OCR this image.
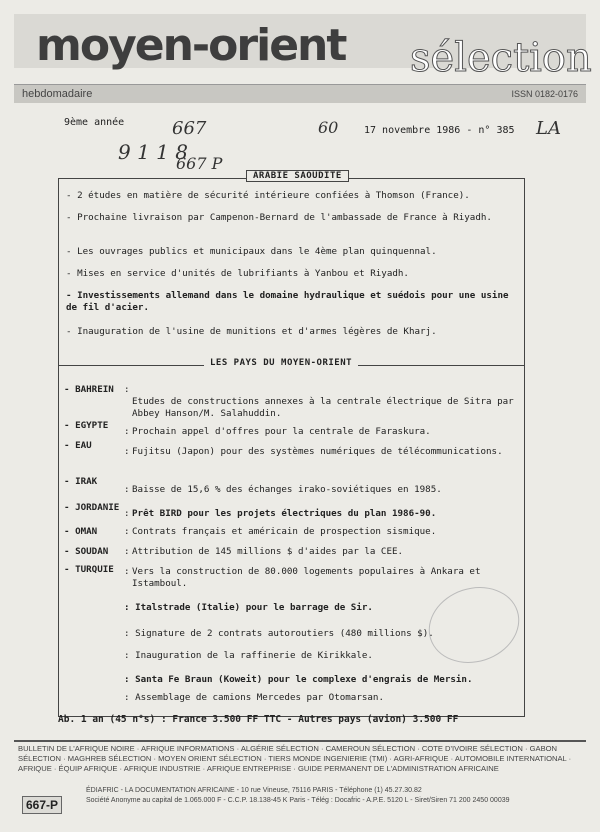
moyen-orient sélection
hebdomadaire	ISSN 0182-0176
9ème année
17 novembre 1986 - n° 385
667	60
9 1 1 8
667 P
LA
ARABIE SAOUDITE
- 2 études en matière de sécurité intérieure confiées à Thomson (France).
- Prochaine livraison par Campenon-Bernard de l'ambassade de France à Riyadh.
- Les ouvrages publics et municipaux dans le 4ème plan quinquennal.
- Mises en service d'unités de lubrifiants à Yanbou et Riyadh.
- Investissements allemand dans le domaine hydraulique et suédois pour une usine de fil d'acier.
- Inauguration de l'usine de munitions et d'armes légères de Kharj.
LES PAYS DU MOYEN-ORIENT
- BAHREIN :
Etudes de constructions annexes à la centrale électrique de Sitra par Abbey Hanson/M. Salahuddin.
- EGYPTE
: Prochain appel d'offres pour la centrale de Faraskura.
- EAU
: Fujitsu (Japon) pour des systèmes numériques de télécommunications.
- IRAK
: Baisse de 15,6 % des échanges irako-soviétiques en 1985.
- JORDANIE
: Prêt BIRD pour les projets électriques du plan 1986-90.
- OMAN	: Contrats français et américain de prospection sismique.
- SOUDAN : Attribution de 145 millions $ d'aides par la CEE.
- TURQUIE : Vers la construction de 80.000 logements populaires à Ankara et Istamboul.
: Italstrade (Italie) pour le barrage de Sir.
: Signature de 2 contrats autoroutiers (480 millions $).
: Inauguration de la raffinerie de Kirikkale.
: Santa Fe Braun (Koweit) pour le complexe d'engrais de Mersin.
: Assemblage de camions Mercedes par Otomarsan.
Ab. 1 an (45 n°s) : France 3.500 FF TTC - Autres pays (avion) 3.500 FF
BULLETIN DE L'AFRIQUE NOIRE · AFRIQUE INFORMATIONS · ALGÉRIE SÉLECTION · CAMEROUN SÉLECTION · COTE D'IVOIRE SÉLECTION · GABON SÉLECTION · MAGHREB SÉLECTION · MOYEN ORIENT SÉLECTION · TIERS MONDE INGENIERIE (TMI) · AGRI-AFRIQUE · AUTOMOBILE INTERNATIONAL · AFRIQUE · ÉQUIP AFRIQUE · AFRIQUE INDUSTRIE · AFRIQUE ENTREPRISE · GUIDE PERMANENT DE L'ADMINISTRATION AFRICAINE
ÉDIAFRIC - LA DOCUMENTATION AFRICAINE - 10 rue Vineuse, 75116 PARIS - Téléphone (1) 45.27.30.82
Société Anonyme au capital de 1.065.000 F - C.C.P. 18.138-45 K Paris - Télég : Docafric - A.P.E. 5120 L - Siret/Siren 71 200 2450 00039
667-P
